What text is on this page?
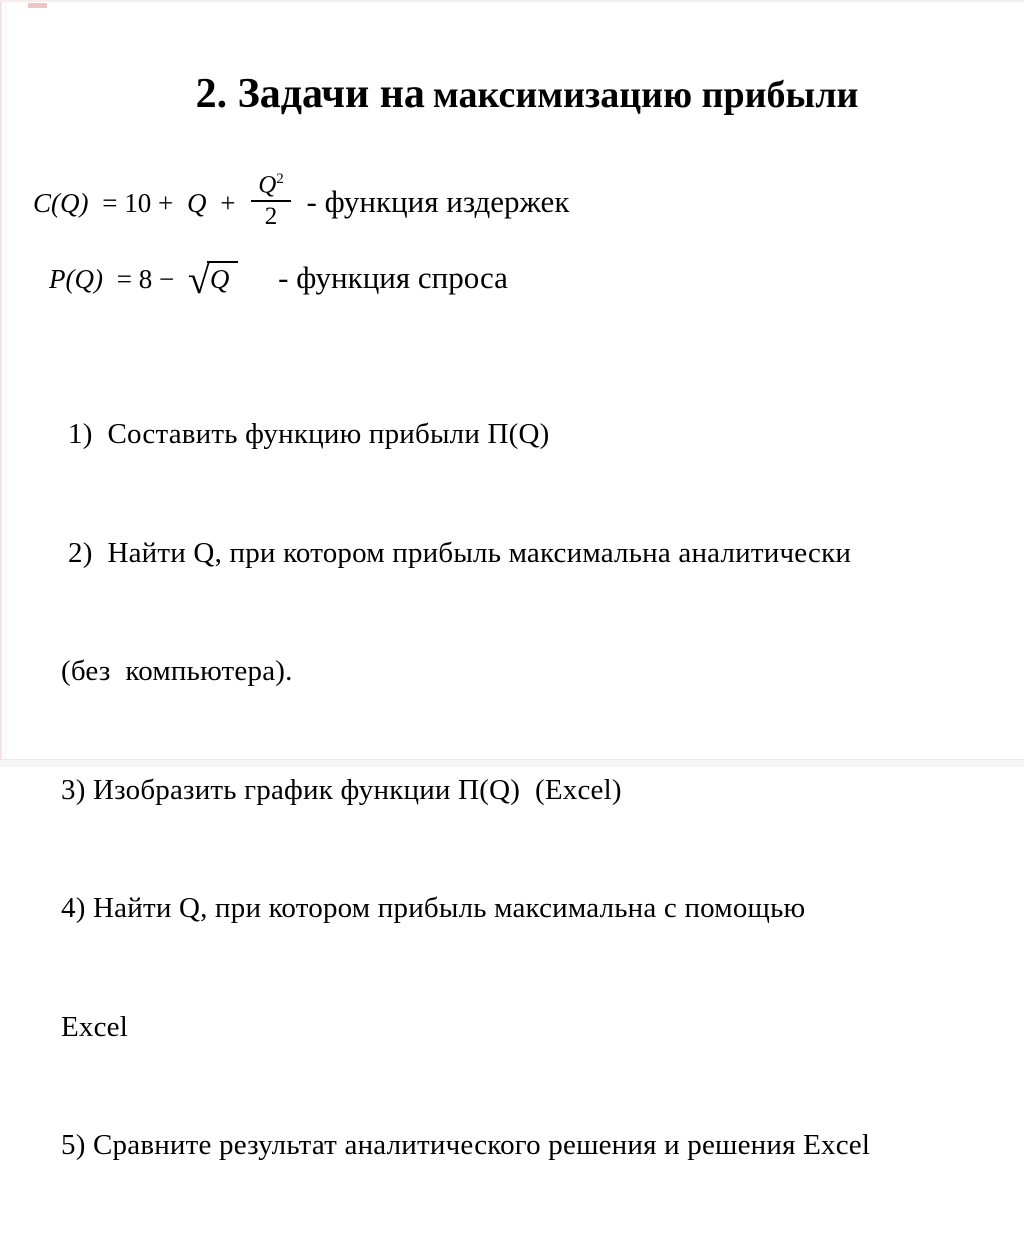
2. Задачи на максимизацию прибыли
$C(Q) = 10 + Q + \frac{Q^2}{2}$ - функция издержек
P(Q) = 8 − √Q - функция спроса

1)  Составить функцию прибыли П(Q)

2)  Найти Q, при котором прибыль максимальна аналитически

(без  компьютера).

3) Изобразить график функции П(Q)  (Excel)

4) Найти Q, при котором прибыль максимальна с помощью

Excel

5) Сравните результат аналитического решения и решения Excel
